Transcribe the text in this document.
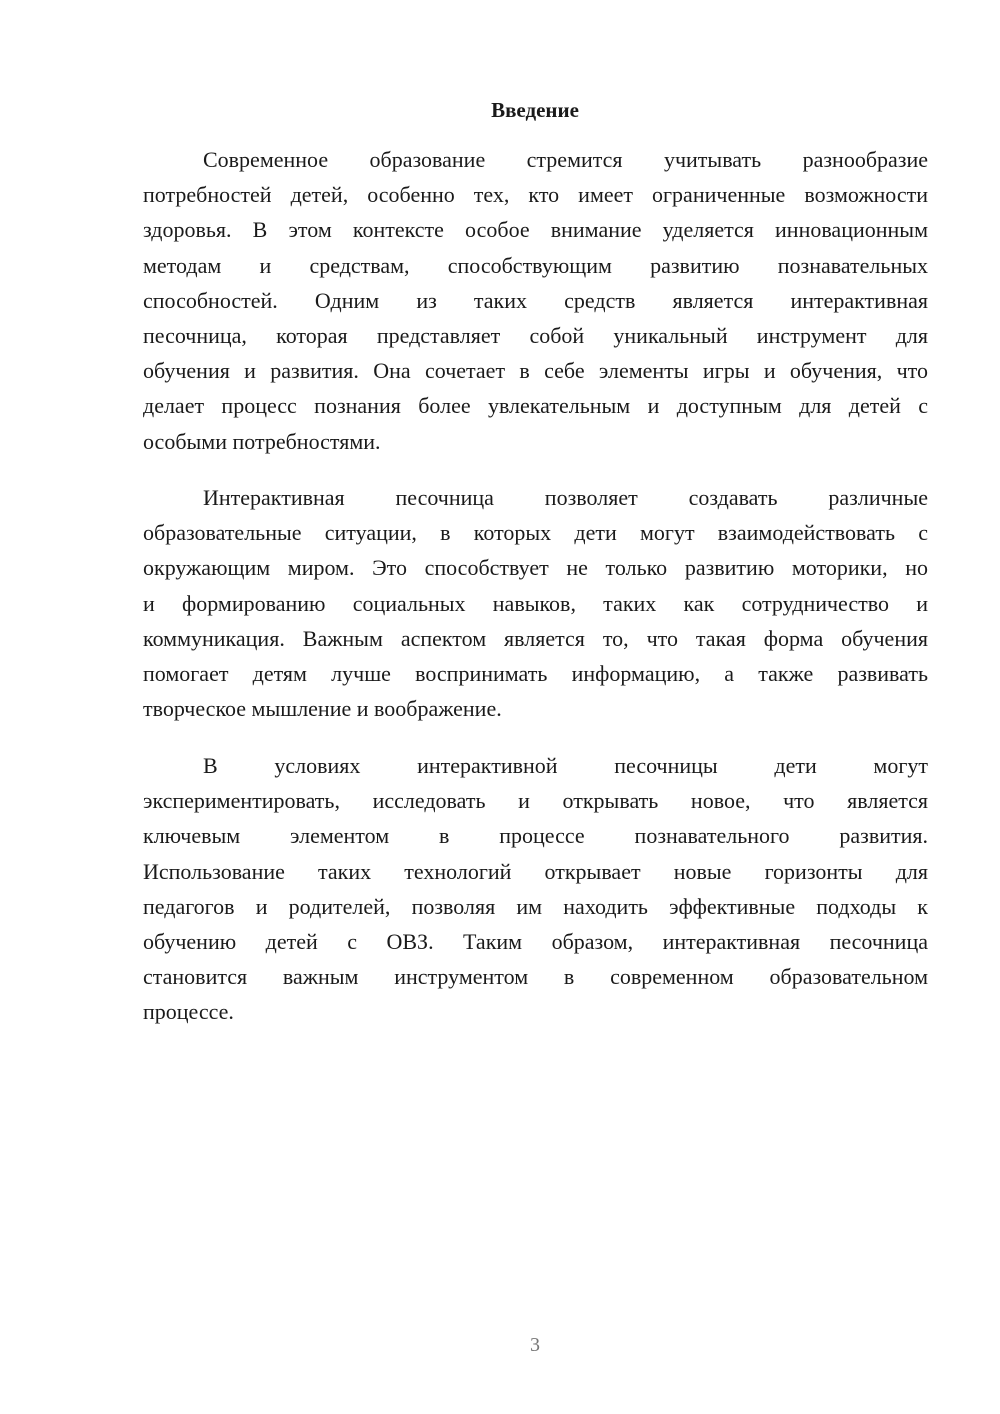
Введение
Современное образование стремится учитывать разнообразие
потребностей детей, особенно тех, кто имеет ограниченные возможности
здоровья. В этом контексте особое внимание уделяется инновационным
методам и средствам, способствующим развитию познавательных
способностей. Одним из таких средств является интерактивная
песочница, которая представляет собой уникальный инструмент для
обучения и развития. Она сочетает в себе элементы игры и обучения, что
делает процесс познания более увлекательным и доступным для детей с
особыми потребностями.
Интерактивная песочница позволяет создавать различные
образовательные ситуации, в которых дети могут взаимодействовать с
окружающим миром. Это способствует не только развитию моторики, но
и формированию социальных навыков, таких как сотрудничество и
коммуникация. Важным аспектом является то, что такая форма обучения
помогает детям лучше воспринимать информацию, а также развивать
творческое мышление и воображение.
В условиях интерактивной песочницы дети могут
экспериментировать, исследовать и открывать новое, что является
ключевым элементом в процессе познавательного развития.
Использование таких технологий открывает новые горизонты для
педагогов и родителей, позволяя им находить эффективные подходы к
обучению детей с ОВЗ. Таким образом, интерактивная песочница
становится важным инструментом в современном образовательном
процессе.
3
